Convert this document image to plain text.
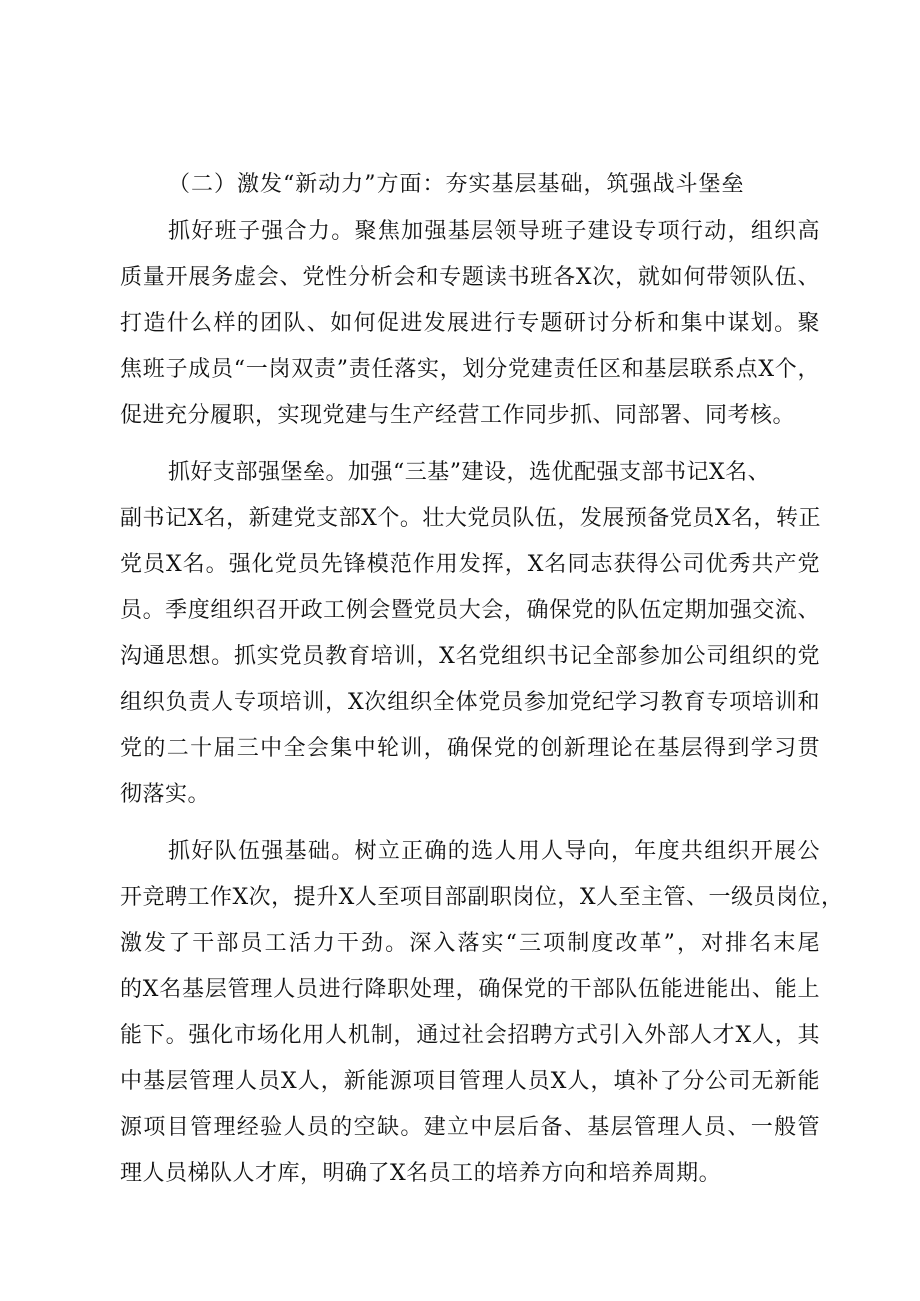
（二）激发“新动力”方面：夯实基层基础，筑强战斗堡垒
抓好班子强合力。聚焦加强基层领导班子建设专项行动，组织高
质量开展务虚会、党性分析会和专题读书班各X次，就如何带领队伍、
打造什么样的团队、如何促进发展进行专题研讨分析和集中谋划。聚
焦班子成员“一岗双责”责任落实，划分党建责任区和基层联系点X个，
促进充分履职，实现党建与生产经营工作同步抓、同部署、同考核。
抓好支部强堡垒。加强“三基”建设，选优配强支部书记X名、
副书记X名，新建党支部X个。壮大党员队伍，发展预备党员X名，转正
党员X名。强化党员先锋模范作用发挥，X名同志获得公司优秀共产党
员。季度组织召开政工例会暨党员大会，确保党的队伍定期加强交流、
沟通思想。抓实党员教育培训，X名党组织书记全部参加公司组织的党
组织负责人专项培训，X次组织全体党员参加党纪学习教育专项培训和
党的二十届三中全会集中轮训，确保党的创新理论在基层得到学习贯
彻落实。
抓好队伍强基础。树立正确的选人用人导向，年度共组织开展公
开竞聘工作X次，提升X人至项目部副职岗位，X人至主管、一级员岗位，
激发了干部员工活力干劲。深入落实“三项制度改革”，对排名末尾
的X名基层管理人员进行降职处理，确保党的干部队伍能进能出、能上
能下。强化市场化用人机制，通过社会招聘方式引入外部人才X人，其
中基层管理人员X人，新能源项目管理人员X人，填补了分公司无新能
源项目管理经验人员的空缺。建立中层后备、基层管理人员、一般管
理人员梯队人才库，明确了X名员工的培养方向和培养周期。
